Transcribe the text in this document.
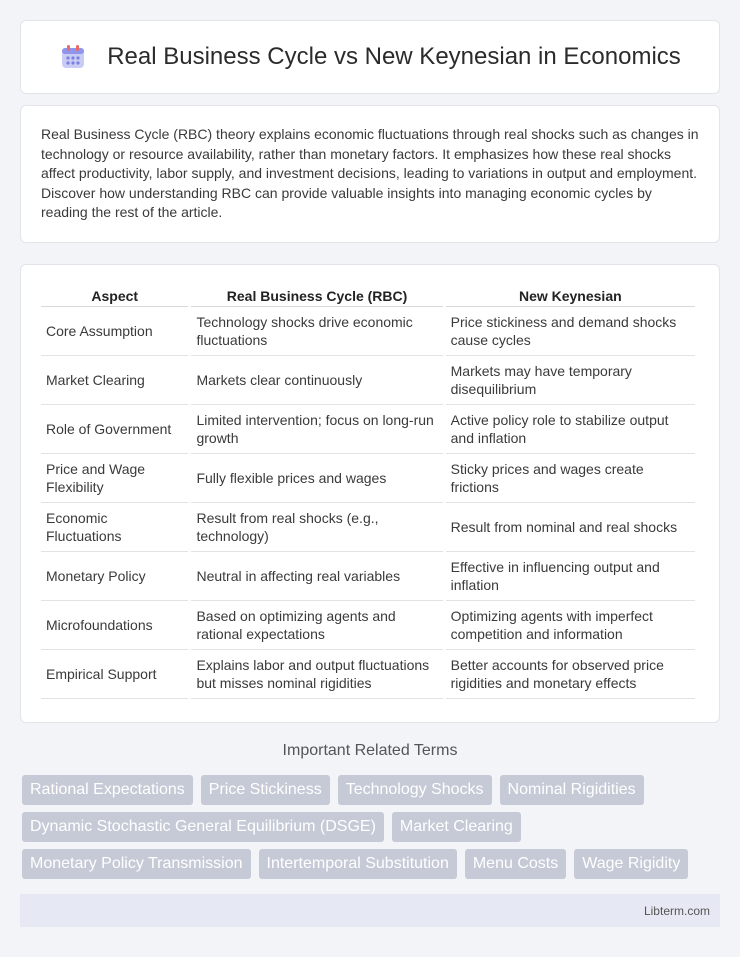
Real Business Cycle vs New Keynesian in Economics
Real Business Cycle (RBC) theory explains economic fluctuations through real shocks such as changes in technology or resource availability, rather than monetary factors. It emphasizes how these real shocks affect productivity, labor supply, and investment decisions, leading to variations in output and employment. Discover how understanding RBC can provide valuable insights into managing economic cycles by reading the rest of the article.
Aspect	Real Business Cycle (RBC)	New Keynesian
Core Assumption	Technology shocks drive economic fluctuations	Price stickiness and demand shocks cause cycles
Market Clearing	Markets clear continuously	Markets may have temporary disequilibrium
Role of Government	Limited intervention; focus on long-run growth	Active policy role to stabilize output and inflation
Price and Wage Flexibility	Fully flexible prices and wages	Sticky prices and wages create frictions
Economic Fluctuations	Result from real shocks (e.g., technology)	Result from nominal and real shocks
Monetary Policy	Neutral in affecting real variables	Effective in influencing output and inflation
Microfoundations	Based on optimizing agents and rational expectations	Optimizing agents with imperfect competition and information
Empirical Support	Explains labor and output fluctuations but misses nominal rigidities	Better accounts for observed price rigidities and monetary effects
Important Related Terms
Rational Expectations	Price Stickiness	Technology Shocks	Nominal Rigidities
Dynamic Stochastic General Equilibrium (DSGE)	Market Clearing
Monetary Policy Transmission	Intertemporal Substitution	Menu Costs	Wage Rigidity
Libterm.com
